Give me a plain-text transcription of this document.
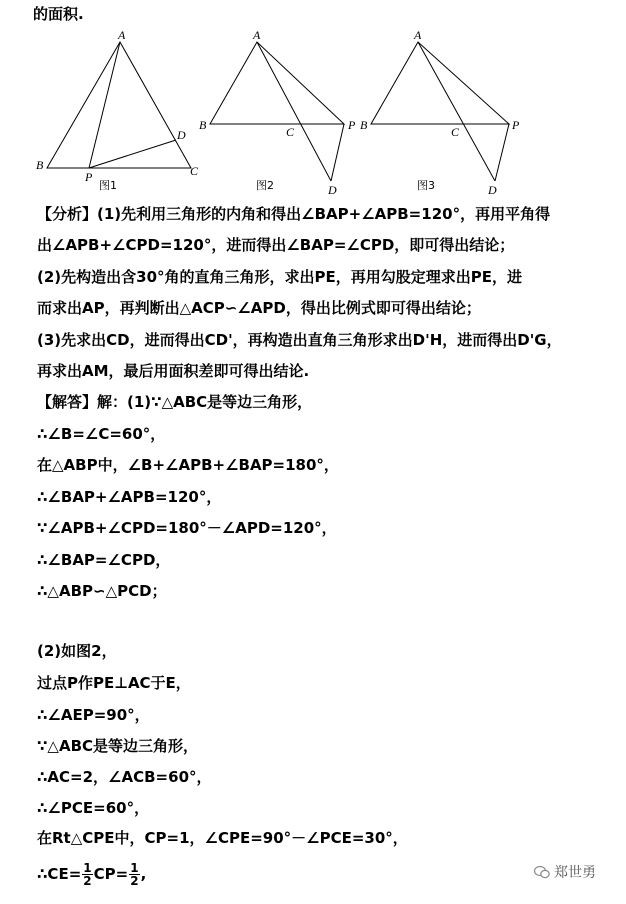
的面积.
A
B	C
P
D
图1
A
B	C	P
D
图2
A
B	C	P
D
图3
【分析】(1)先利用三角形的内角和得出∠BAP+∠APB=120°，再用平角得
出∠APB+∠CPD=120°，进而得出∠BAP=∠CPD，即可得出结论；
(2)先构造出含30°角的直角三角形，求出PE，再用勾股定理求出PE，进
而求出AP，再判断出△ACP∽∠APD，得出比例式即可得出结论；
(3)先求出CD，进而得出CD'，再构造出直角三角形求出D'H，进而得出D'G，
再求出AM，最后用面积差即可得出结论.
【解答】解：(1)∵△ABC是等边三角形，
∴∠B=∠C=60°，
在△ABP中，∠B+∠APB+∠BAP=180°，
∴∠BAP+∠APB=120°，
∵∠APB+∠CPD=180°－∠APD=120°，
∴∠BAP=∠CPD，
∴△ABP∽△PCD；
(2)如图2，
过点P作PE⊥AC于E，
∴∠AEP=90°，
∵△ABC是等边三角形，
∴AC=2，∠ACB=60°，
∴∠PCE=60°，
在Rt△CPE中，CP=1，∠CPE=90°－∠PCE=30°，
∴CE= $\frac{1}{2} CP= \frac{1}{2}$ ,	郑世勇
